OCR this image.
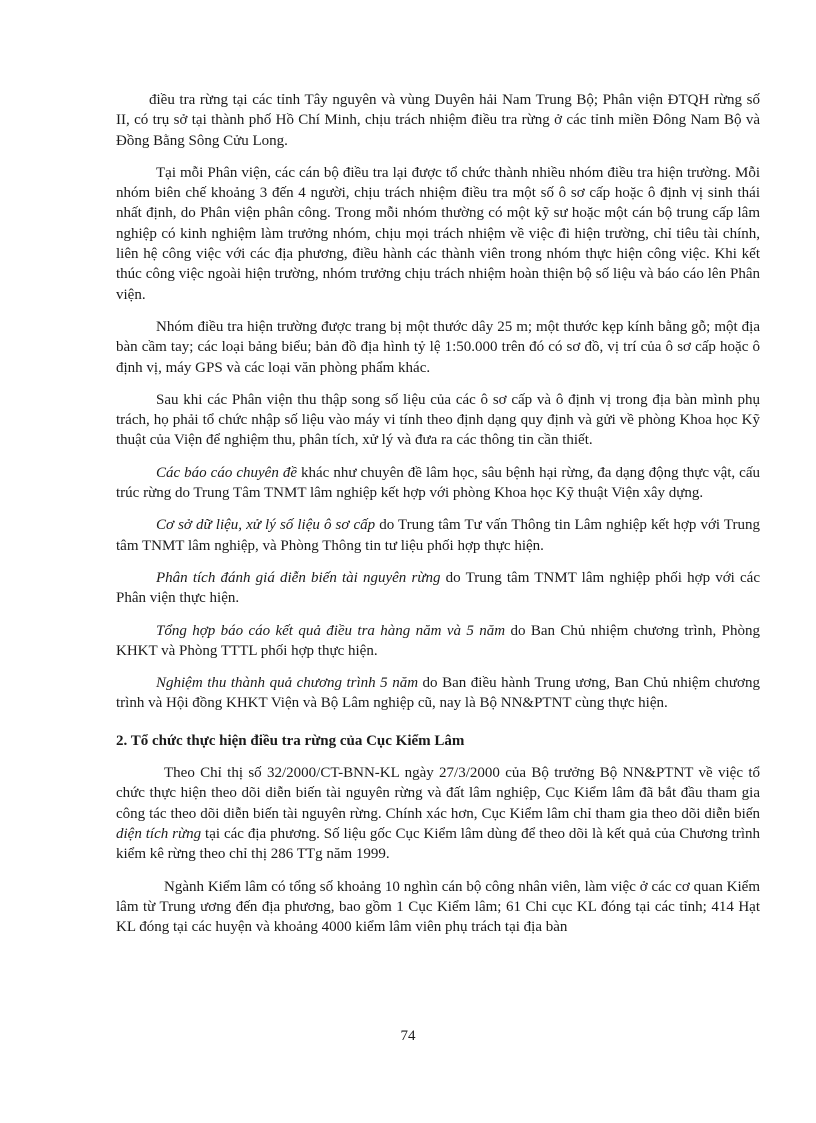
điều tra rừng tại các tỉnh Tây nguyên và vùng Duyên hải Nam Trung Bộ; Phân viện ĐTQH rừng số II, có trụ sở tại thành phố Hồ Chí Minh, chịu trách nhiệm điều tra rừng ở các tỉnh miền Đông Nam Bộ và Đồng Bằng Sông Cửu Long.

Tại mỗi Phân viện, các cán bộ điều tra lại được tổ chức thành nhiều nhóm điều tra hiện trường. Mỗi nhóm biên chế khoảng 3 đến 4 người, chịu trách nhiệm điều tra một số ô sơ cấp hoặc ô định vị sinh thái nhất định, do Phân viện phân công. Trong mỗi nhóm thường có một kỹ sư hoặc một cán bộ trung cấp lâm nghiệp có kinh nghiệm làm trưởng nhóm, chịu mọi trách nhiệm về việc đi hiện trường, chỉ tiêu tài chính, liên hệ công việc với các địa phương, điều hành các thành viên trong nhóm thực hiện công việc. Khi kết thúc công việc ngoài hiện trường, nhóm trưởng chịu trách nhiệm hoàn thiện bộ số liệu và báo cáo lên Phân viện.

Nhóm điều tra hiện trường được trang bị một thước dây 25 m; một thước kẹp kính bằng gỗ; một địa bàn cầm tay; các loại bảng biểu; bản đồ địa hình tỷ lệ 1:50.000 trên đó có sơ đồ, vị trí của ô sơ cấp hoặc ô định vị, máy GPS và các loại văn phòng phẩm khác.

Sau khi các Phân viện thu thập song số liệu của các ô sơ cấp và ô định vị trong địa bàn mình phụ trách, họ phải tổ chức nhập số liệu vào máy vi tính theo định dạng quy định và gửi về phòng Khoa học Kỹ thuật của Viện để nghiệm thu, phân tích, xử lý và đưa ra các thông tin cần thiết.

Các báo cáo chuyên đề khác như chuyên đề lâm học, sâu bệnh hại rừng, đa dạng động thực vật, cấu trúc rừng do Trung Tâm TNMT lâm nghiệp kết hợp với phòng Khoa học Kỹ thuật Viện xây dựng.

Cơ sở dữ liệu, xử lý số liệu ô sơ cấp do Trung tâm Tư vấn Thông tin Lâm nghiệp kết hợp với Trung tâm TNMT lâm nghiệp, và Phòng Thông tin tư liệu phối hợp thực hiện.

Phân tích đánh giá diễn biến tài nguyên rừng do Trung tâm TNMT lâm nghiệp phối hợp với các Phân viện thực hiện.

Tổng hợp báo cáo kết quả điều tra hàng năm và 5 năm do Ban Chủ nhiệm chương trình, Phòng KHKT và Phòng TTTL phối hợp thực hiện.

Nghiệm thu thành quả chương trình 5 năm do Ban điều hành Trung ương, Ban Chủ nhiệm chương trình và Hội đồng KHKT Viện và Bộ Lâm nghiệp cũ, nay là Bộ NN&PTNT cùng thực hiện.

2. Tổ chức thực hiện điều tra rừng của Cục Kiểm Lâm

Theo Chỉ thị số 32/2000/CT-BNN-KL ngày 27/3/2000 của Bộ trưởng Bộ NN&PTNT về việc tổ chức thực hiện theo dõi diễn biến tài nguyên rừng và đất lâm nghiệp, Cục Kiểm lâm đã bắt đầu tham gia công tác theo dõi diễn biến tài nguyên rừng. Chính xác hơn, Cục Kiểm lâm chỉ tham gia theo dõi diễn biến diện tích rừng tại các địa phương. Số liệu gốc Cục Kiểm lâm dùng để theo dõi là kết quả của Chương trình kiểm kê rừng theo chỉ thị 286 TTg năm 1999.

Ngành Kiểm lâm có tổng số khoảng 10 nghìn cán bộ công nhân viên, làm việc ở các cơ quan Kiểm lâm từ Trung ương đến địa phương, bao gồm 1 Cục Kiểm lâm; 61 Chi cục KL đóng tại các tỉnh; 414 Hạt KL đóng tại các huyện và khoảng 4000 kiểm lâm viên phụ trách tại địa bàn

74
